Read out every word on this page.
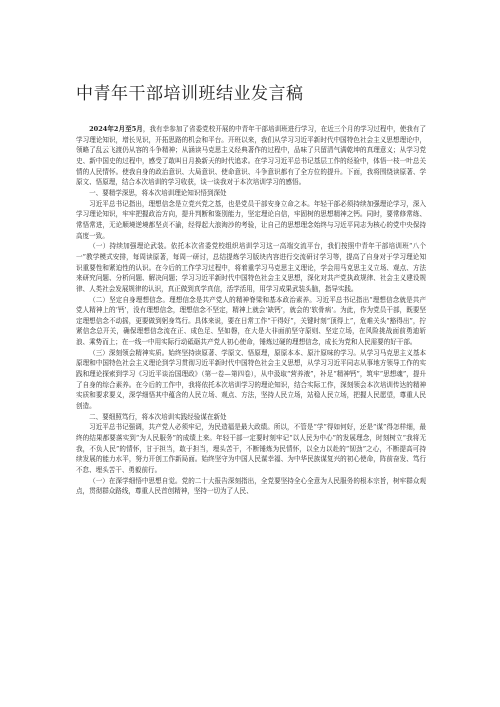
中青年干部培训班结业发言稿

2024年2月至5月，我有幸参加了省委党校开展的中青年干部培训班进行学习，在近三个月的学习过程中，使我有了学习理论知识，增长见识，开拓思路的机会和平台。开班以来，我们从学习习近平新时代中国特色社会主义思想理论中，领略了乱云飞渡仍从容的斗争精神；从涵读马克思主义经典著作的过程中，品味了只留清气满乾坤的真理意义；从学习党史、新中国史的过程中，感受了敢叫日月换新天的时代追求。在学习习近平总书记基层工作的经验中，体悟一枝一叶总关情的人民情怀。使我自身的政治意识、大局意识、使命意识、斗争意识都有了全方位的提升。下面，我将围绕读原著、学原文、悟原理，结合本次培训的学习收获，谈一谈我对于本次培训学习的感悟。

一、要精学深思，将本次培训理论知识悟到深处

习近平总书记指出，理想信念是立党兴党之基，也是党员干部安身立命之本。年轻干部必须持续加强理论学习，深入学习理论知识，牢牢把握政治方向，提升判断和鉴别能力，坚定理论自信，牢固树的思想精神之钙。同时，要常修常练、常悟常进，无论顺境逆境都坚贞不渝，经得起大浪淘沙的考验，让自己的思想理念始终与习近平同志为核心的党中央保持高度一致。

（一）持续加强理论武装。依托本次省委党校组织培训学习这一高端交流平台，我们按照中青年干部培训班“八个一”教学模式安排，每周读原著，每周一研讨，总结提炼学习版块内容进行交流研讨学习等，提高了自身对于学习理论知识重要性和紧迫性的认识。在今后的工作学习过程中，将着重学习马克思主义理论，学会用马克思主义立场、观点、方法来研究问题、分析问题、解决问题；学习习近平新时代中国特色社会主义思想，深化对共产党执政规律、社会主义建设规律、人类社会发展规律的认识，真正做到真学真信，活学活用，用学习成果武装头脑，指导实践。

（二）坚定自身理想信念。理想信念是共产党人的精神脊梁和基本政治素养。习近平总书记指出“理想信念就是共产党人精神上的‘钙’，没有理想信念，理想信念不坚定，精神上就会‘缺钙’，就会的‘软骨病’。为此，作为党员干部，既要坚定理想信念不动摇，更要做到躬身笃行。具体来说，要在日常工作“干得好”，关键时刻“顶得上”，危难关头“豁得出”，拧紧信念总开关，确保理想信念流在正、成色足、坚如磐，在大是大非面前坚守原则、坚定立场，在风险挑战面前勇迪斩浪、乘势而上；在一线一中用实际行动砥砺共产党人初心使命，锤炼过硬的理想信念，成长为党和人民需要的好干部。

（三）深刻领会精神实质。始终坚持读原著、学原文、悟原理，原原本本、原汁原味的学习。从学习马克思主义基本原理和中国特色社会主义理论到学习贯彻习近平新时代中国特色社会主义思想，从学习习近平同志从事地方领导工作的实践和理论探索到学习《习近平谈治国理政》（第一卷—第四卷），从中汲取“营养液”，补足“精神钙”，筑牢“思想魂”，提升了自身的综合素养。在今后的工作中，我将依托本次培训学习的理论知识，结合实际工作，深刻领会本次培训传达的精神实质和要求要义，深学细悟其中蕴含的人民立场、观点、方法，坚持人民立场，站稳人民立场，把握人民愿望，尊重人民创造。

二、要细照笃行，将本次培训实践经验谋在新处

习近平总书记强调，共产党人必须牢记，为民造福是最大政绩。所以，不管是“学”得如何好，还是“谋”得怎样细，最终的结果都要落实到“为人民服务”的成绩上来。年轻干部一定要时刻牢记“以人民为中心”的发展理念，时刻树立“我将无我，不负人民”的情怀，甘于担当，敢于担当，埋头苦干，不断锤炼为民情怀，以全力以赴的“韧劲”之心，不断提高可持续发展的能力水平，努力开创工作新局面。始终坚守为中国人民谋幸福、为中华民族谋复兴的初心使命，阵前奋发、笃行不怠、埋头苦干、勇毅前行。

（一）在深学细悟中思想自觉。党的二十大报告深刻指出，全党要坚持全心全意为人民服务的根本宗旨，树牢群众观点，贯彻群众路线，尊重人民首创精神，坚持一切为了人民、
